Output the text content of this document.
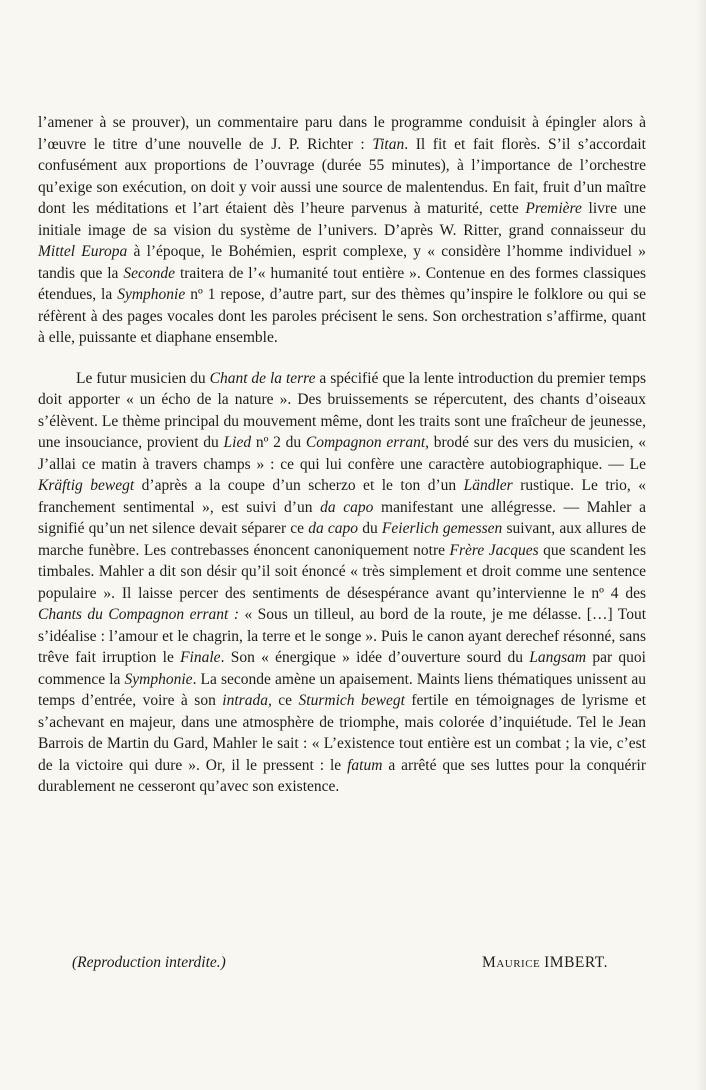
l’amener à se prouver), un commentaire paru dans le programme conduisit à épingler alors à l’œuvre le titre d’une nouvelle de J. P. Richter : Titan. Il fit et fait florès. S’il s’accordait confusément aux proportions de l’ouvrage (durée 55 minutes), à l’importance de l’orchestre qu’exige son exécution, on doit y voir aussi une source de malentendus. En fait, fruit d’un maître dont les méditations et l’art étaient dès l’heure parvenus à maturité, cette Première livre une initiale image de sa vision du système de l’univers. D’après W. Ritter, grand connaisseur du Mittel Europa à l’époque, le Bohémien, esprit complexe, y « considère l’homme individuel » tandis que la Seconde traitera de l’« humanité tout entière ». Contenue en des formes classiques étendues, la Symphonie nº 1 repose, d’autre part, sur des thèmes qu’inspire le folklore ou qui se réfèrent à des pages vocales dont les paroles précisent le sens. Son orchestration s’affirme, quant à elle, puissante et diaphane ensemble.

Le futur musicien du Chant de la terre a spécifié que la lente introduction du premier temps doit apporter « un écho de la nature ». Des bruissements se répercutent, des chants d’oiseaux s’élèvent. Le thème principal du mouvement même, dont les traits sont une fraîcheur de jeunesse, une insouciance, provient du Lied nº 2 du Compagnon errant, brodé sur des vers du musicien, « J’allai ce matin à travers champs » : ce qui lui confère une caractère autobiographique. — Le Kräftig bewegt d’après a la coupe d’un scherzo et le ton d’un Ländler rustique. Le trio, « franchement sentimental », est suivi d’un da capo manifestant une allégresse. — Mahler a signifié qu’un net silence devait séparer ce da capo du Feierlich gemessen suivant, aux allures de marche funèbre. Les contrebasses énoncent canoniquement notre Frère Jacques que scandent les timbales. Mahler a dit son désir qu’il soit énoncé « très simplement et droit comme une sentence populaire ». Il laisse percer des sentiments de désespérance avant qu’intervienne le nº 4 des Chants du Compagnon errant : « Sous un tilleul, au bord de la route, je me délasse. […] Tout s’idéalise : l’amour et le chagrin, la terre et le songe ». Puis le canon ayant derechef résonné, sans trêve fait irruption le Finale. Son « énergique » idée d’ouverture sourd du Langsam par quoi commence la Symphonie. La seconde amène un apaisement. Maints liens thématiques unissent au temps d’entrée, voire à son intrada, ce Sturmich bewegt fertile en témoignages de lyrisme et s’achevant en majeur, dans une atmosphère de triomphe, mais colorée d’inquiétude. Tel le Jean Barrois de Martin du Gard, Mahler le sait : « L’existence tout entière est un combat ; la vie, c’est de la victoire qui dure ». Or, il le pressent : le fatum a arrêté que ses luttes pour la conquérir durablement ne cesseront qu’avec son existence.

(Reproduction interdite.)	Maurice IMBERT.
